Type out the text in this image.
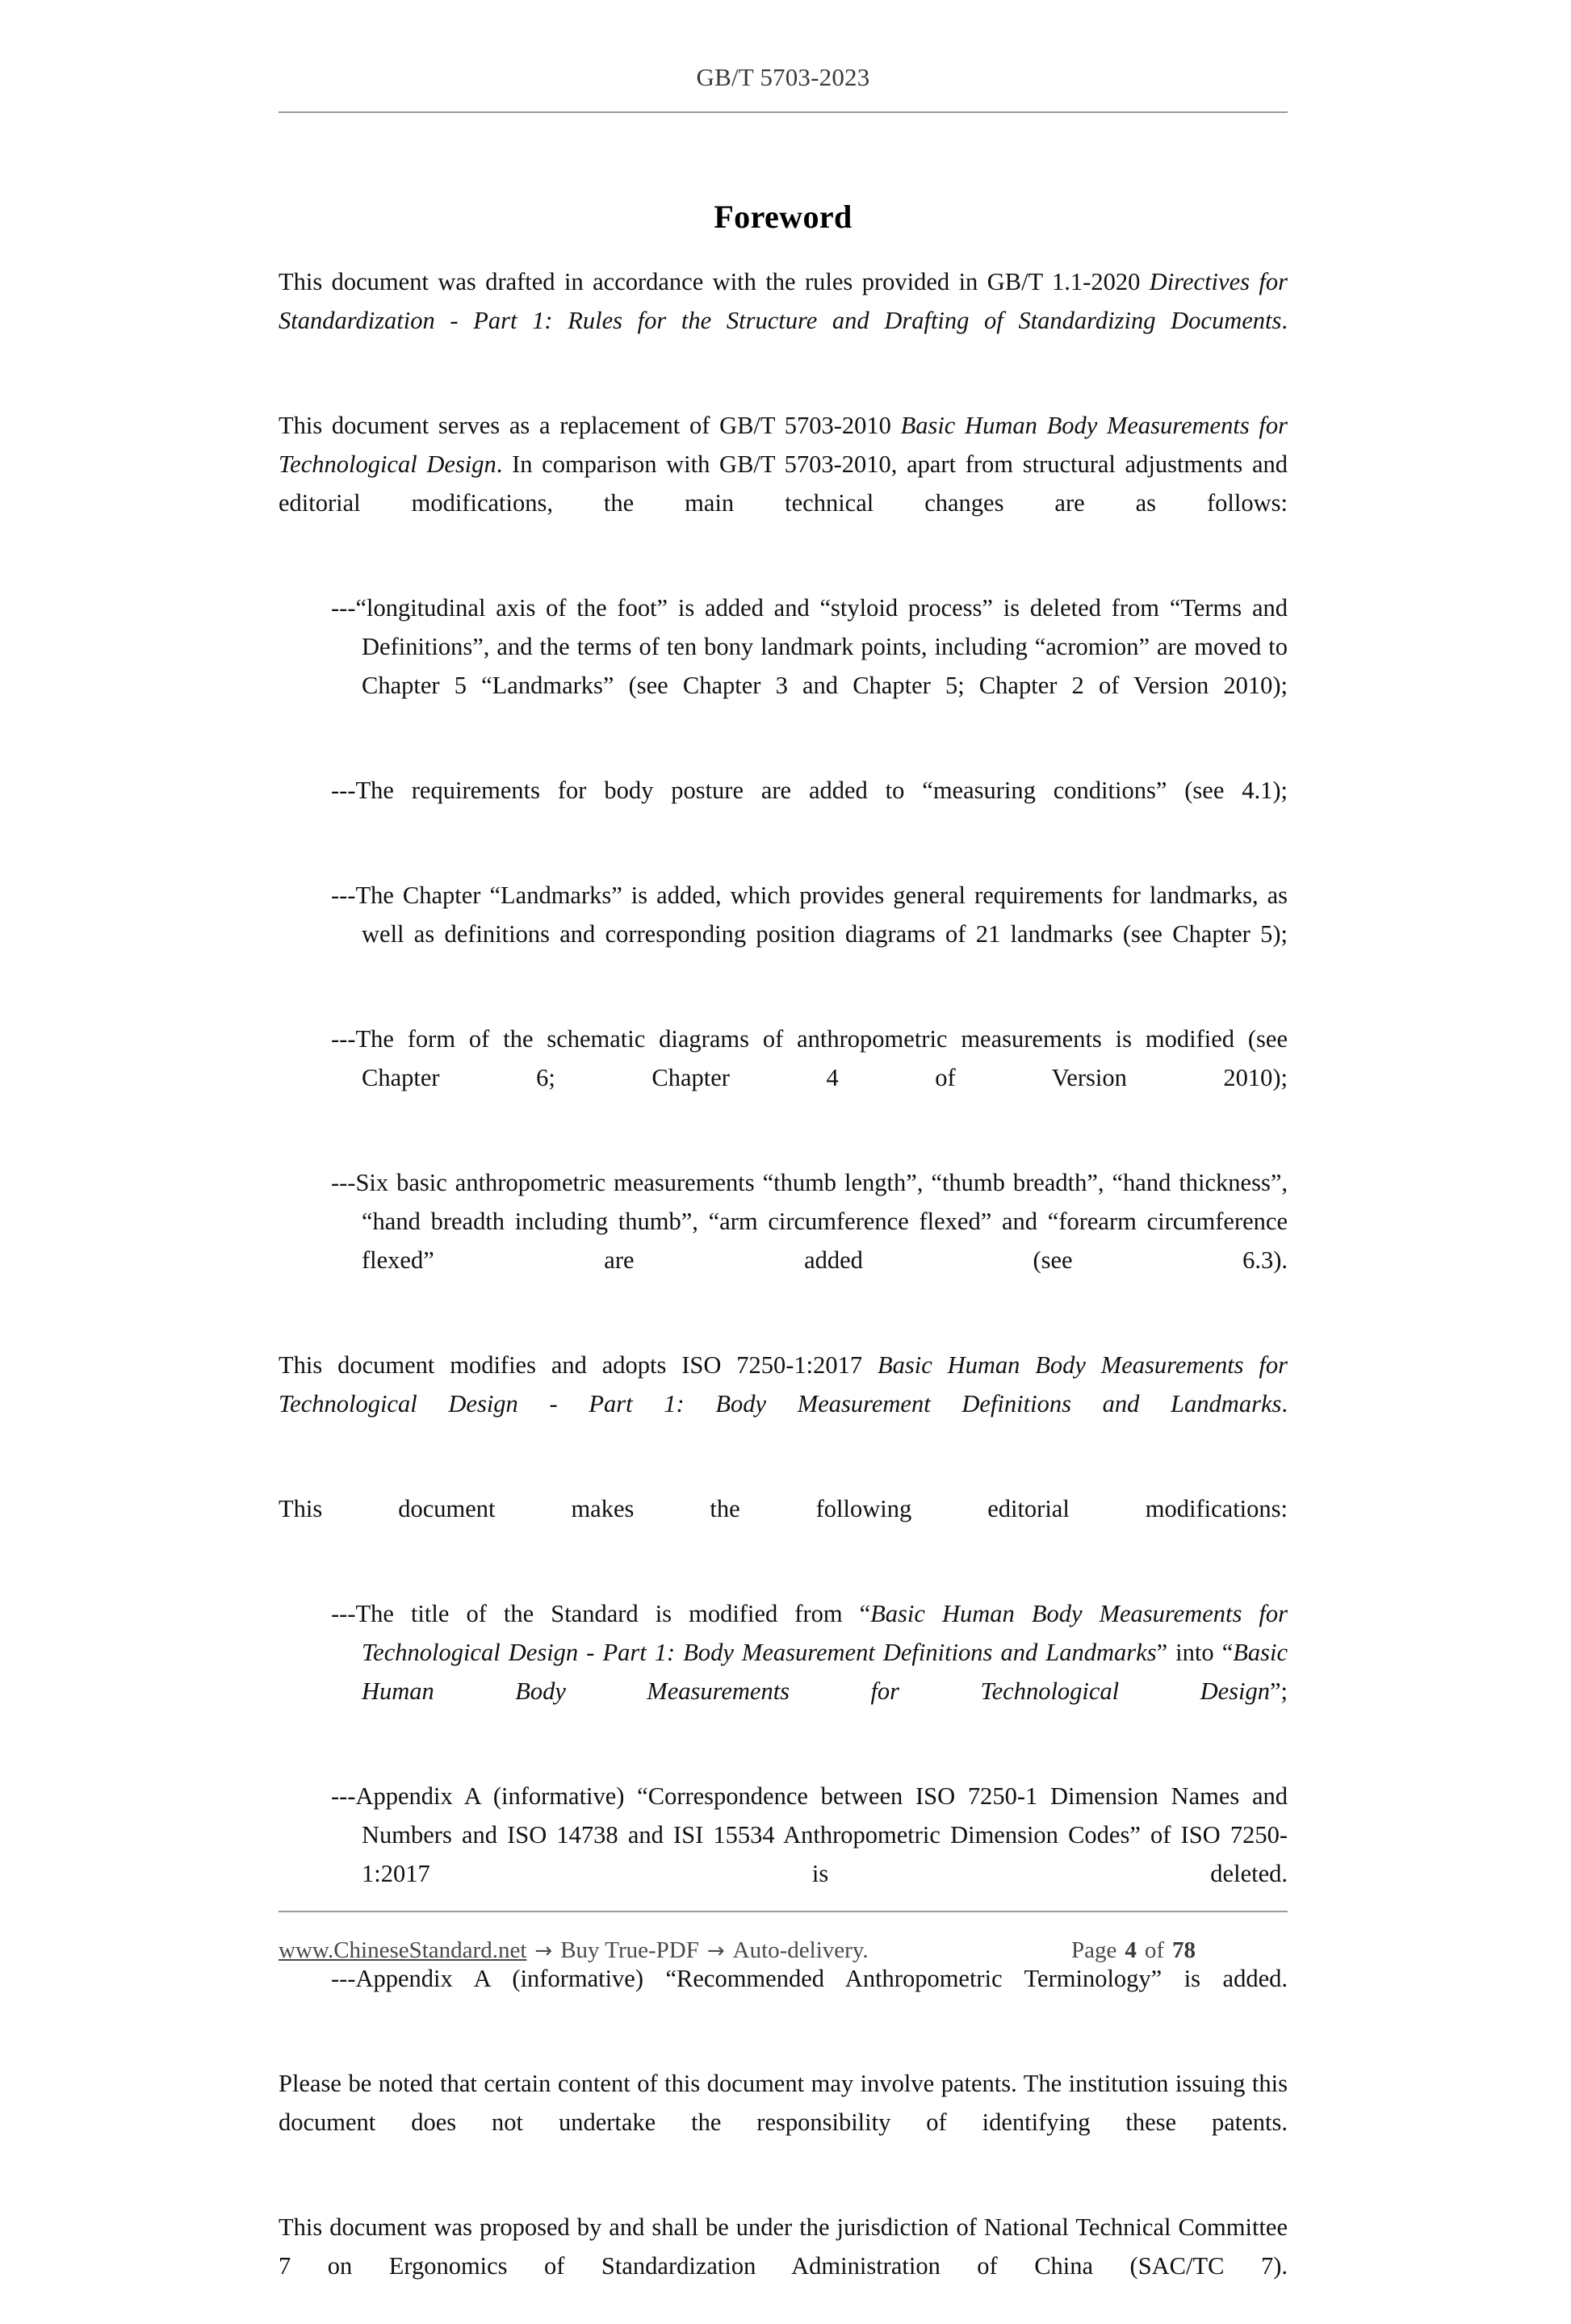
GB/T 5703-2023
Foreword

This document was drafted in accordance with the rules provided in GB/T 1.1-2020 Directives for Standardization - Part 1: Rules for the Structure and Drafting of Standardizing Documents.

This document serves as a replacement of GB/T 5703-2010 Basic Human Body Measurements for Technological Design. In comparison with GB/T 5703-2010, apart from structural adjustments and editorial modifications, the main technical changes are as follows:

---“longitudinal axis of the foot” is added and “styloid process” is deleted from “Terms and Definitions”, and the terms of ten bony landmark points, including “acromion” are moved to Chapter 5 “Landmarks” (see Chapter 3 and Chapter 5; Chapter 2 of Version 2010);

---The requirements for body posture are added to “measuring conditions” (see 4.1);

---The Chapter “Landmarks” is added, which provides general requirements for landmarks, as well as definitions and corresponding position diagrams of 21 landmarks (see Chapter 5);

---The form of the schematic diagrams of anthropometric measurements is modified (see Chapter 6; Chapter 4 of Version 2010);

---Six basic anthropometric measurements “thumb length”, “thumb breadth”, “hand thickness”, “hand breadth including thumb”, “arm circumference flexed” and “forearm circumference flexed” are added (see 6.3).

This document modifies and adopts ISO 7250-1:2017 Basic Human Body Measurements for Technological Design - Part 1: Body Measurement Definitions and Landmarks.

This document makes the following editorial modifications:

---The title of the Standard is modified from “Basic Human Body Measurements for Technological Design - Part 1: Body Measurement Definitions and Landmarks” into “Basic Human Body Measurements for Technological Design”;

---Appendix A (informative) “Correspondence between ISO 7250-1 Dimension Names and Numbers and ISO 14738 and ISI 15534 Anthropometric Dimension Codes” of ISO 7250-1:2017 is deleted.

---Appendix A (informative) “Recommended Anthropometric Terminology” is added.

Please be noted that certain content of this document may involve patents. The institution issuing this document does not undertake the responsibility of identifying these patents.

This document was proposed by and shall be under the jurisdiction of National Technical Committee 7 on Ergonomics of Standardization Administration of China (SAC/TC 7).

www.ChineseStandard.net → Buy True-PDF → Auto-delivery.	Page 4 of 78
